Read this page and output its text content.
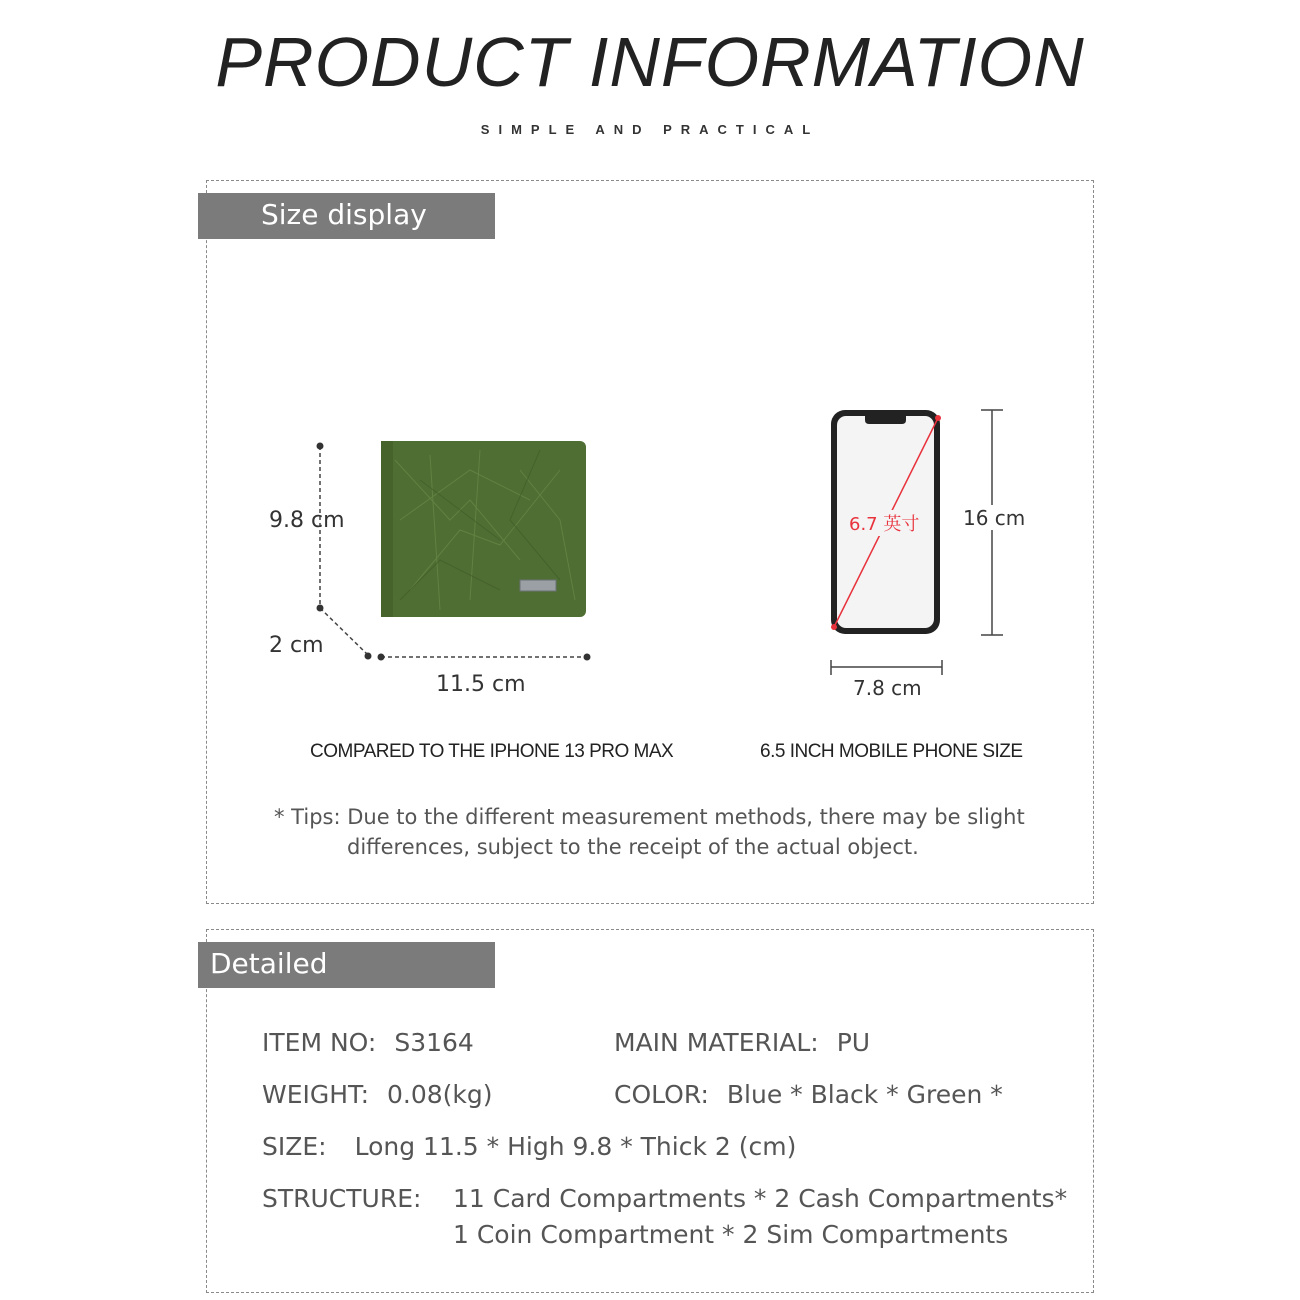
PRODUCT INFORMATION
SIMPLE AND PRACTICAL
Size display
9.8 cm
2 cm
11.5 cm
6.7 英寸 16 cm
7.8 cm
COMPARED TO THE IPHONE 13 PRO MAX	6.5 INCH MOBILE PHONE SIZE
* Tips: Due to the different measurement methods, there may be slight
differences, subject to the receipt of the actual object.
Detailed parameters
ITEM NO: S3164	MAIN MATERIAL: PU
WEIGHT: 0.08(kg)	COLOR: Blue * Black * Green *
SIZE: Long 11.5 * High 9.8 * Thick 2 (cm)
STRUCTURE: 11 Card Compartments * 2 Cash Compartments*
1 Coin Compartment * 2 Sim Compartments
